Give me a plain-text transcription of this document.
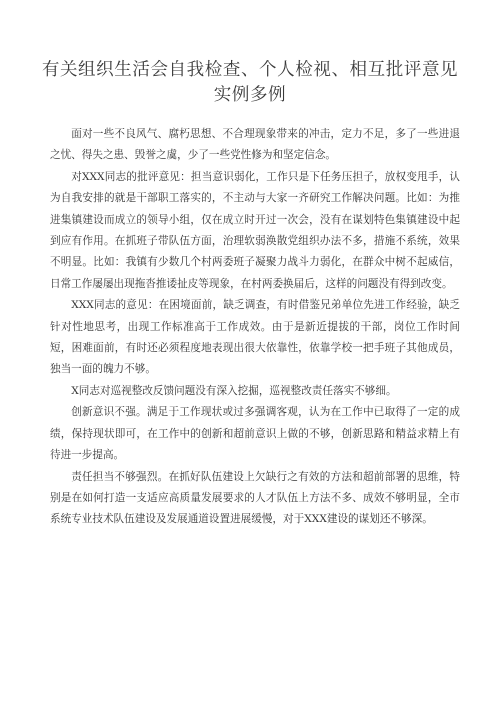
有关组织生活会自我检查、个人检视、相互批评意见实例多例

面对一些不良风气、腐朽思想、不合理现象带来的冲击，定力不足，多了一些进退之忧、得失之患、毁誉之虞，少了一些党性修为和坚定信念。

对XXX同志的批评意见：担当意识弱化，工作只是下任务压担子，放权变甩手，认为自我安排的就是干部职工落实的，不主动与大家一齐研究工作解决问题。比如：为推进集镇建设而成立的领导小组，仅在成立时开过一次会，没有在谋划特色集镇建设中起到应有作用。在抓班子带队伍方面，治理软弱涣散党组织办法不多，措施不系统，效果不明显。比如：我镇有少数几个村两委班子凝聚力战斗力弱化，在群众中树不起威信，日常工作屡屡出现拖沓推诿扯皮等现象，在村两委换届后，这样的问题没有得到改变。

XXX同志的意见：在困境面前，缺乏调查，有时借鉴兄弟单位先进工作经验，缺乏针对性地思考，出现工作标准高于工作成效。由于是新近提拔的干部，岗位工作时间短，困难面前，有时还必须程度地表现出很大依靠性，依靠学校一把手班子其他成员，独当一面的魄力不够。

X同志对巡视整改反馈问题没有深入挖掘，巡视整改责任落实不够细。

创新意识不强。满足于工作现状或过多强调客观，认为在工作中已取得了一定的成绩，保持现状即可，在工作中的创新和超前意识上做的不够，创新思路和精益求精上有待进一步提高。

责任担当不够强烈。在抓好队伍建设上欠缺行之有效的方法和超前部署的思维，特别是在如何打造一支适应高质量发展要求的人才队伍上方法不多、成效不够明显，全市系统专业技术队伍建设及发展通道设置进展缓慢，对于XXX建设的谋划还不够深。
